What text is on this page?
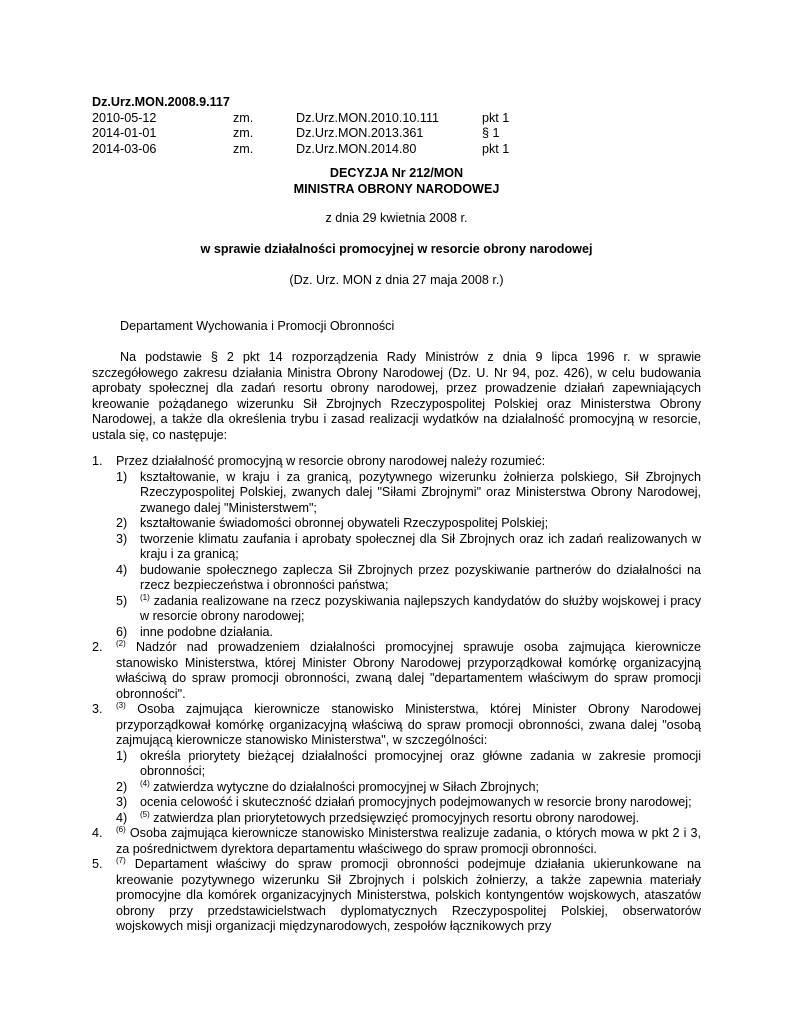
Dz.Urz.MON.2008.9.117
2010-05-12	zm.	Dz.Urz.MON.2010.10.111	pkt 1
2014-01-01	zm.	Dz.Urz.MON.2013.361	§ 1
2014-03-06	zm.	Dz.Urz.MON.2014.80	pkt 1
DECYZJA Nr 212/MON
MINISTRA OBRONY NARODOWEJ
z dnia 29 kwietnia 2008 r.
w sprawie działalności promocyjnej w resorcie obrony narodowej
(Dz. Urz. MON z dnia 27 maja 2008 r.)
Departament Wychowania i Promocji Obronności
Na podstawie § 2 pkt 14 rozporządzenia Rady Ministrów z dnia 9 lipca 1996 r. w sprawie szczegółowego zakresu działania Ministra Obrony Narodowej (Dz. U. Nr 94, poz. 426), w celu budowania aprobaty społecznej dla zadań resortu obrony narodowej, przez prowadzenie działań zapewniających kreowanie pożądanego wizerunku Sił Zbrojnych Rzeczypospolitej Polskiej oraz Ministerstwa Obrony Narodowej, a także dla określenia trybu i zasad realizacji wydatków na działalność promocyjną w resorcie, ustala się, co następuje:
1. Przez działalność promocyjną w resorcie obrony narodowej należy rozumieć:
1) kształtowanie, w kraju i za granicą, pozytywnego wizerunku żołnierza polskiego, Sił Zbrojnych Rzeczypospolitej Polskiej, zwanych dalej "Siłami Zbrojnymi" oraz Ministerstwa Obrony Narodowej, zwanego dalej "Ministerstwem";
2) kształtowanie świadomości obronnej obywateli Rzeczypospolitej Polskiej;
3) tworzenie klimatu zaufania i aprobaty społecznej dla Sił Zbrojnych oraz ich zadań realizowanych w kraju i za granicą;
4) budowanie społecznego zaplecza Sił Zbrojnych przez pozyskiwanie partnerów do działalności na rzecz bezpieczeństwa i obronności państwa;
5) $^{(1)}$ zadania realizowane na rzecz pozyskiwania najlepszych kandydatów do służby wojskowej i pracy w resorcie obrony narodowej;
6) inne podobne działania.
2. $^{(2)}$ Nadzór nad prowadzeniem działalności promocyjnej sprawuje osoba zajmująca kierownicze stanowisko Ministerstwa, której Minister Obrony Narodowej przyporządkował komórkę organizacyjną właściwą do spraw promocji obronności, zwaną dalej "departamentem właściwym do spraw promocji obronności".
3. $^{(3)}$ Osoba zajmująca kierownicze stanowisko Ministerstwa, której Minister Obrony Narodowej przyporządkował komórkę organizacyjną właściwą do spraw promocji obronności, zwana dalej "osobą zajmującą kierownicze stanowisko Ministerstwa", w szczególności:
1) określa priorytety bieżącej działalności promocyjnej oraz główne zadania w zakresie promocji obronności;
2) $^{(4)}$ zatwierdza wytyczne do działalności promocyjnej w Siłach Zbrojnych;
3) ocenia celowość i skuteczność działań promocyjnych podejmowanych w resorcie brony narodowej;
4) $^{(5)}$ zatwierdza plan priorytetowych przedsięwzięć promocyjnych resortu obrony narodowej.
4. $^{(6)}$ Osoba zajmująca kierownicze stanowisko Ministerstwa realizuje zadania, o których mowa w pkt 2 i 3, za pośrednictwem dyrektora departamentu właściwego do spraw promocji obronności.
5. $^{(7)}$ Departament właściwy do spraw promocji obronności podejmuje działania ukierunkowane na kreowanie pozytywnego wizerunku Sił Zbrojnych i polskich żołnierzy, a także zapewnia materiały promocyjne dla komórek organizacyjnych Ministerstwa, polskich kontyngentów wojskowych, ataszatów obrony przy przedstawicielstwach dyplomatycznych Rzeczypospolitej Polskiej, obserwatorów wojskowych misji organizacji międzynarodowych, zespołów łącznikowych przy
